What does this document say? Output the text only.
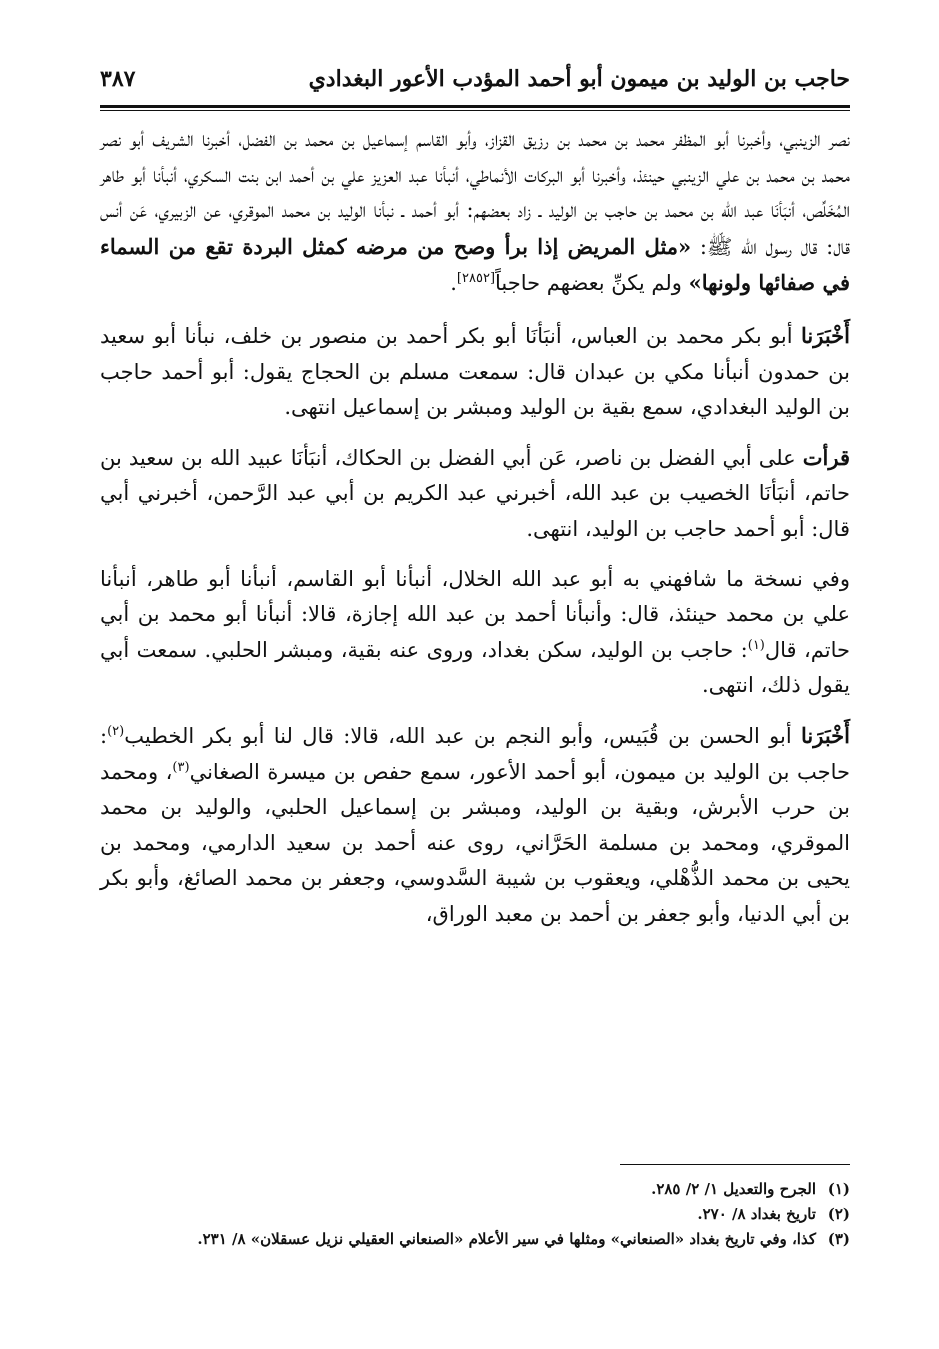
حاجب بن الوليد بن ميمون أبو أحمد المؤدب الأعور البغدادي
٣٨٧

نصر الزينبي، وأخبرنا أبو المظفر محمد بن محمد بن رزيق القزاز، وأبو القاسم إسماعيل بن محمد بن الفضل، أخبرنا الشريف أبو نصر محمد بن محمد بن علي الزينبي حينئذ، وأخبرنا أبو البركات الأنماطي، أنبأنا عبد العزيز علي بن أحمد ابن بنت السكري، أنبأنا أبو طاهر المُخَلِّص، أنبَأنَا عبد الله بن محمد بن حاجب بن الوليد ـ زاد بعضهم: أبو أحمد ـ نبأنا الوليد بن محمد الموقري، عن الزبيري، عَن أنس قال: قال رسول الله ﷺ: «مثل المريض إذا برأ وصح من مرضه كمثل البردة تقع من السماء في صفائها ولونها» ولم يكنِّ بعضهم حاجباً[٢٨٥٢].

أَخْبَرَنا أبو بكر محمد بن العباس، أنبَأنَا أبو بكر أحمد بن منصور بن خلف، نبأنا أبو سعيد بن حمدون أنبأنا مكي بن عبدان قال: سمعت مسلم بن الحجاج يقول: أبو أحمد حاجب بن الوليد البغدادي، سمع بقية بن الوليد ومبشر بن إسماعيل انتهى.

قرأت على أبي الفضل بن ناصر، عَن أبي الفضل بن الحكاك، أنبَأنَا عبيد الله بن سعيد بن حاتم، أنبَأنَا الخصيب بن عبد الله، أخبرني عبد الكريم بن أبي عبد الرَّحمن، أخبرني أبي قال: أبو أحمد حاجب بن الوليد، انتهى.

وفي نسخة ما شافهني به أبو عبد الله الخلال، أنبأنا أبو القاسم، أنبأنا أبو طاهر، أنبأنا علي بن محمد حينئذ، قال: وأنبأنا أحمد بن عبد الله إجازة، قالا: أنبأنا أبو محمد بن أبي حاتم، قال$^{(١)}$: حاجب بن الوليد، سكن بغداد، وروى عنه بقية، ومبشر الحلبي. سمعت أبي يقول ذلك، انتهى.

أَخْبَرَنا أبو الحسن بن قُبَيس، وأبو النجم بن عبد الله، قالا: قال لنا أبو بكر الخطيب$^{(٢)}$: حاجب بن الوليد بن ميمون، أبو أحمد الأعور، سمع حفص بن ميسرة الصغاني$^{(٣)}$، ومحمد بن حرب الأبرش، وبقية بن الوليد، ومبشر بن إسماعيل الحلبي، والوليد بن محمد الموقري، ومحمد بن مسلمة الحَرَّاني، روى عنه أحمد بن سعيد الدارمي، ومحمد بن يحيى بن محمد الذُّهْلي، ويعقوب بن شيبة السَّدوسي، وجعفر بن محمد الصائغ، وأبو بكر بن أبي الدنيا، وأبو جعفر بن أحمد بن معبد الوراق،

(١)
الجرح والتعديل ١/ ٢/ ٢٨٥.
(٢)
تاريخ بغداد ٨/ ٢٧٠.
(٣)
كذا، وفي تاريخ بغداد «الصنعاني» ومثلها في سير الأعلام «الصنعاني العقيلي نزيل عسقلان» ٨/ ٢٣١.
